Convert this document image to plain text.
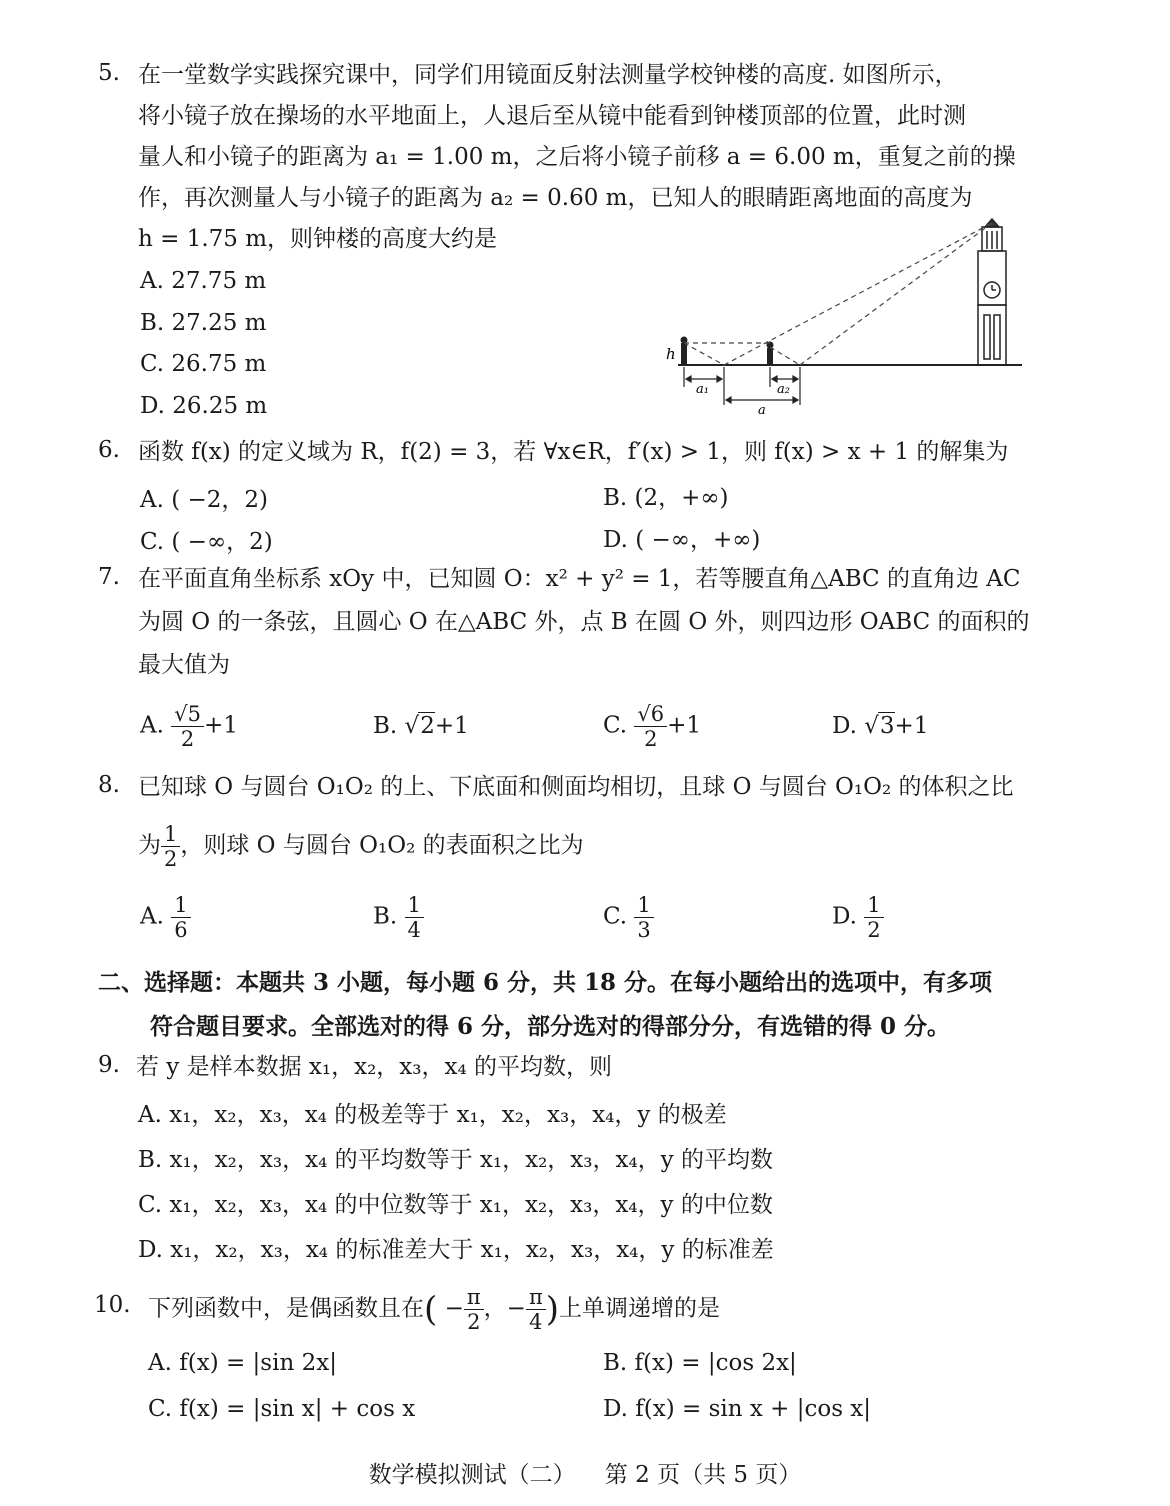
5. 在一堂数学实践探究课中，同学们用镜面反射法测量学校钟楼的高度. 如图所示，
将小镜子放在操场的水平地面上，人退后至从镜中能看到钟楼顶部的位置，此时测
量人和小镜子的距离为 a₁ = 1.00 m，之后将小镜子前移 a = 6.00 m，重复之前的操
作，再次测量人与小镜子的距离为 a₂ = 0.60 m，已知人的眼睛距离地面的高度为
h = 1.75 m，则钟楼的高度大约是
A. 27.75 m
B. 27.25 m
C. 26.75 m
D. 26.25 m
h
a₁	a₂
a
6. 函数 f(x) 的定义域为 R，f(2) = 3，若 ∀x∈R，f′(x) > 1，则 f(x) > x + 1 的解集为
A. ( −2，2)	B. (2，+∞)
C. ( −∞，2)	D. ( −∞，+∞)
7. 在平面直角坐标系 xOy 中，已知圆 O：x² + y² = 1，若等腰直角△ABC 的直角边 AC
为圆 O 的一条弦，且圆心 O 在△ABC 外，点 B 在圆 O 外，则四边形 OABC 的面积的
最大值为
A. $\frac{√5}{2} +1$	B. √2+1	C. $\frac{√6}{2} +1$	D. √3+1
8. 已知球 O 与圆台 O₁O₂ 的上、下底面和侧面均相切，且球 O 与圆台 O₁O₂ 的体积之比
为 $\frac{1}{2}$ ，则球 O 与圆台 O₁O₂ 的表面积之比为
A. $\frac{1}{6}$	B. $\frac{1}{4}$	C. $\frac{1}{3}$	D. $\frac{1}{2}$
二、选择题：本题共 3 小题，每小题 6 分，共 18 分。在每小题给出的选项中，有多项
符合题目要求。全部选对的得 6 分，部分选对的得部分分，有选错的得 0 分。
9. 若 y 是样本数据 x₁，x₂，x₃，x₄ 的平均数，则
A. x₁，x₂，x₃，x₄ 的极差等于 x₁，x₂，x₃，x₄，y 的极差
B. x₁，x₂，x₃，x₄ 的平均数等于 x₁，x₂，x₃，x₄，y 的平均数
C. x₁，x₂，x₃，x₄ 的中位数等于 x₁，x₂，x₃，x₄，y 的中位数
D. x₁，x₂，x₃，x₄ 的标准差大于 x₁，x₂，x₃，x₄，y 的标准差
10. 下列函数中，是偶函数且在( − $\frac{\pi}{2}$ ，− $\frac{\pi}{4}$ )上单调递增的是
A. f(x) = |sin 2x|	B. f(x) = |cos 2x|
C. f(x) = |sin x| + cos x	D. f(x) = sin x + |cos x|
数学模拟测试（二）    第 2 页（共 5 页）
